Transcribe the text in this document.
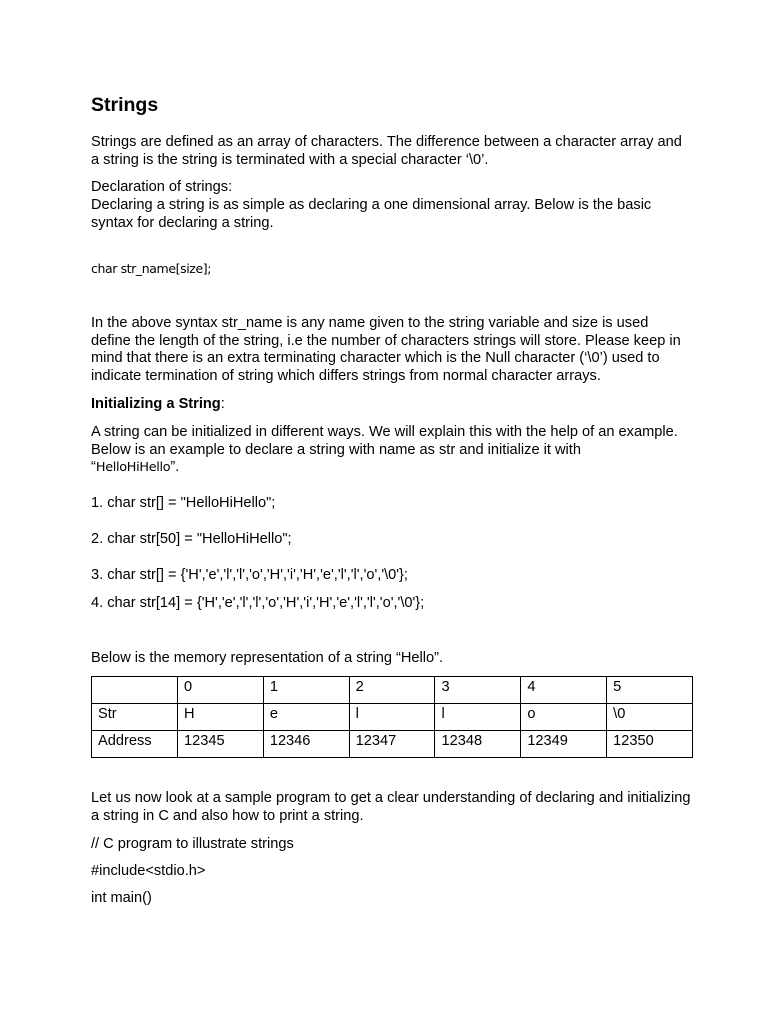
Strings

Strings are defined as an array of characters. The difference between a character array and a string is the string is terminated with a special character ‘\0’.

Declaration of strings:

Declaring a string is as simple as declaring a one dimensional array. Below is the basic syntax for declaring a string.

char str_name[size];

In the above syntax str_name is any name given to the string variable and size is used define the length of the string, i.e the number of characters strings will store. Please keep in mind that there is an extra terminating character which is the Null character (‘\0’) used to indicate termination of string which differs strings from normal character arrays.

Initializing a String:

A string can be initialized in different ways. We will explain this with the help of an example. Below is an example to declare a string with name as str and initialize it with
“HelloHiHello”.

1. char str[] = "HelloHiHello";

2. char str[50] = "HelloHiHello";

3. char str[] = {'H','e','l','l','o','H','i','H','e','l','l','o','\0'};

4. char str[14] = {'H','e','l','l','o','H','i','H','e','l','l','o','\0'};

Below is the memory representation of a string “Hello”.

	0	1	2	3	4	5
Str	H	e	l	l	o	\0
Address	12345	12346	12347	12348	12349	12350

Let us now look at a sample program to get a clear understanding of declaring and initializing a string in C and also how to print a string.

// C program to illustrate strings

#include<stdio.h>

int main()
